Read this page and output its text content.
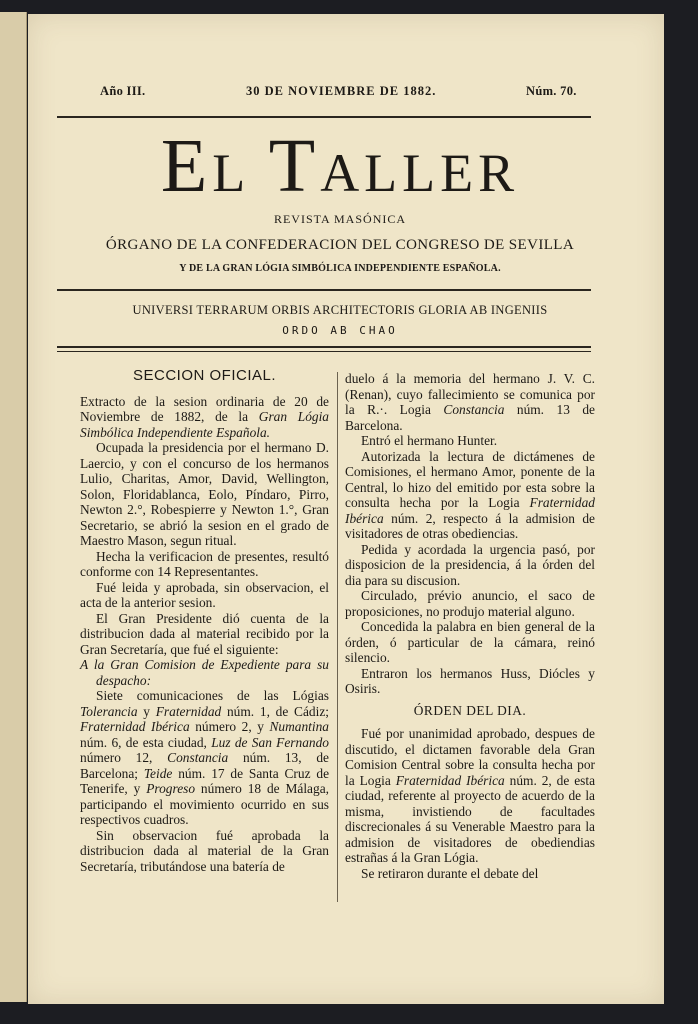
Año III.	30 DE NOVIEMBRE DE 1882.	Núm. 70.
EL TALLER
REVISTA MASÓNICA
ÓRGANO DE LA CONFEDERACION DEL CONGRESO DE SEVILLA
Y DE LA GRAN LÓGIA SIMBÓLICA INDEPENDIENTE ESPAÑOLA.
UNIVERSI TERRARUM ORBIS ARCHITECTORIS GLORIA AB INGENIIS
ORDO AB CHAO
SECCION OFICIAL.

Extracto de la sesion ordinaria de 20 de Noviembre de 1882, de la Gran Lógia Simbólica Independiente Española.

Ocupada la presidencia por el hermano D. Laercio, y con el concurso de los hermanos Lulio, Charitas, Amor, David, Wellington, Solon, Floridablanca, Eolo, Píndaro, Pirro, Newton 2.°, Robespierre y Newton 1.°, Gran Secretario, se abrió la sesion en el grado de Maestro Mason, segun ritual.

Hecha la verificacion de presentes, resultó conforme con 14 Representantes.

Fué leida y aprobada, sin observacion, el acta de la anterior sesion.

El Gran Presidente dió cuenta de la distribucion dada al material recibido por la Gran Secretaría, que fué el siguiente:

A la Gran Comision de Expediente para su despacho:

Siete comunicaciones de las Lógias Tolerancia y Fraternidad núm. 1, de Cádiz; Fraternidad Ibérica número 2, y Numantina núm. 6, de esta ciudad, Luz de San Fernando número 12, Constancia núm. 13, de Barcelona; Teide núm. 17 de Santa Cruz de Tenerife, y Progreso número 18 de Málaga, participando el movimiento ocurrido en sus respectivos cuadros.

Sin observacion fué aprobada la distribucion dada al material de la Gran Secretaría, tributándose una batería de

duelo á la memoria del hermano J. V. C. (Renan), cuyo fallecimiento se comunica por la R.·. Logia Constancia núm. 13 de Barcelona.

Entró el hermano Hunter.

Autorizada la lectura de dictámenes de Comisiones, el hermano Amor, ponente de la Central, lo hizo del emitido por esta sobre la consulta hecha por la Logia Fraternidad Ibérica núm. 2, respecto á la admision de visitadores de otras obediencias.

Pedida y acordada la urgencia pasó, por disposicion de la presidencia, á la órden del dia para su discusion.

Circulado, prévio anuncio, el saco de proposiciones, no produjo material alguno.

Concedida la palabra en bien general de la órden, ó particular de la cámara, reinó silencio.

Entraron los hermanos Huss, Diócles y Osiris.

ÓRDEN DEL DIA.

Fué por unanimidad aprobado, despues de discutido, el dictamen favorable dela Gran Comision Central sobre la consulta hecha por la Logia Fraternidad Ibérica núm. 2, de esta ciudad, referente al proyecto de acuerdo de la misma, invistiendo de facultades discrecionales á su Venerable Maestro para la admision de visitadores de obediendias estrañas á la Gran Lógia.

Se retiraron durante el debate del
